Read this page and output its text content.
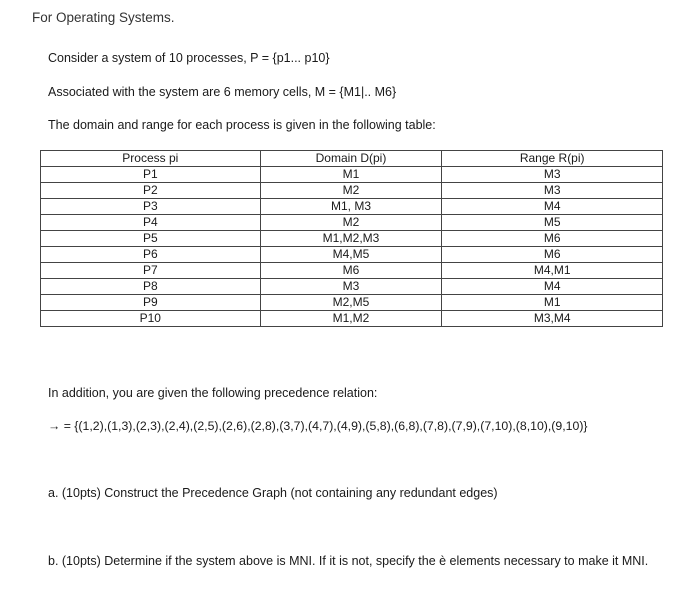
For Operating Systems.
Consider a system of 10 processes, P = {p1... p10}
Associated with the system are 6 memory cells, M = {M1|.. M6}
The domain and range for each process is given in the following table:
Process pi	Domain D(pi)	Range R(pi)
P1	M1	M3
P2	M2	M3
P3	M1, M3	M4
P4	M2	M5
P5	M1,M2,M3	M6
P6	M4,M5	M6
P7	M6	M4,M1
P8	M3	M4
P9	M2,M5	M1
P10	M1,M2	M3,M4
In addition, you are given the following precedence relation:
→ = {(1,2),(1,3),(2,3),(2,4),(2,5),(2,6),(2,8),(3,7),(4,7),(4,9),(5,8),(6,8),(7,8),(7,9),(7,10),(8,10),(9,10)}
a. (10pts) Construct the Precedence Graph (not containing any redundant edges)
b. (10pts) Determine if the system above is MNI. If it is not, specify the è elements necessary to make it MNI.
